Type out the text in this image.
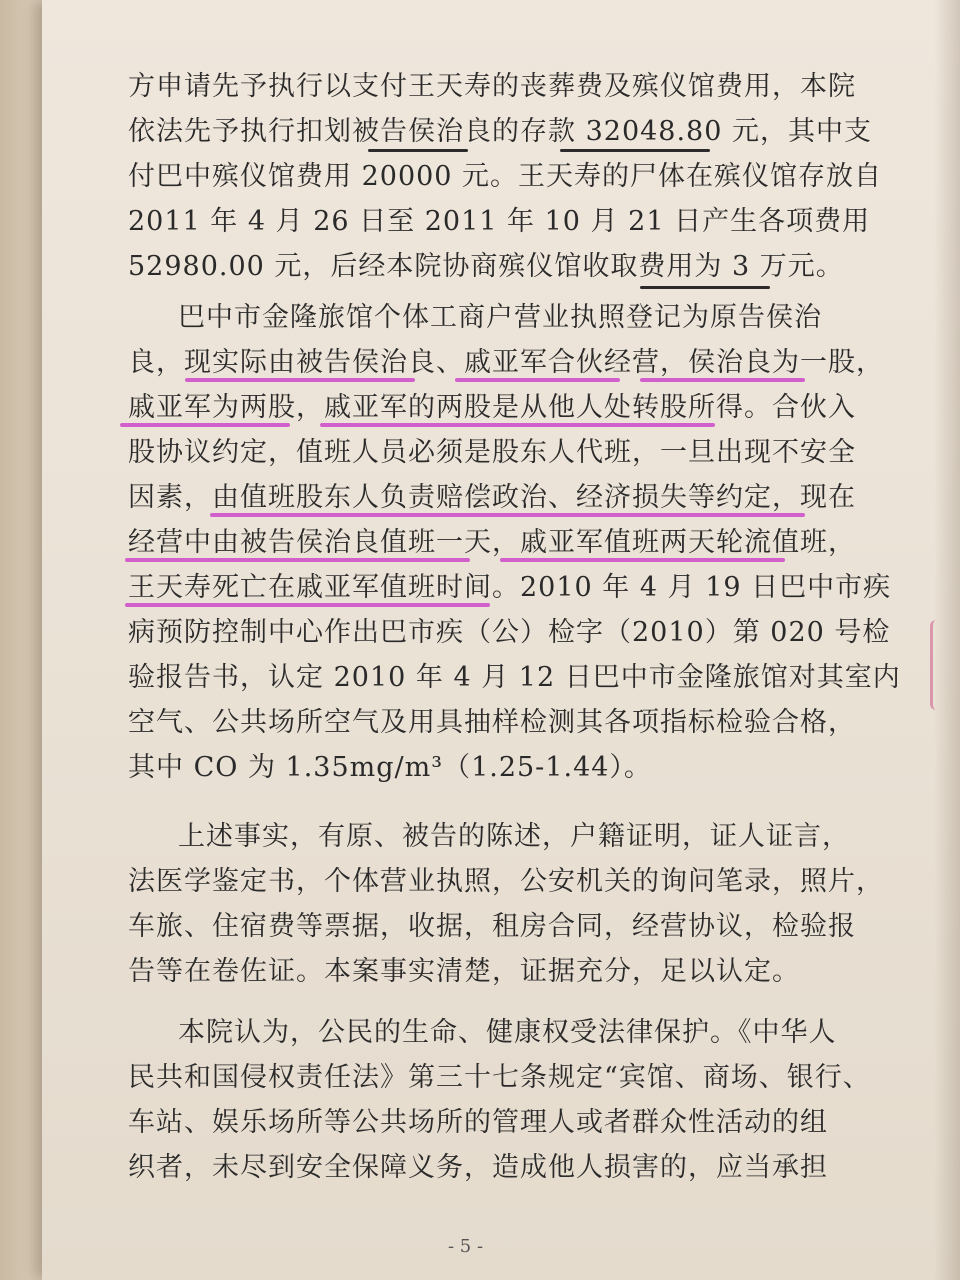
方申请先予执行以支付王天寿的丧葬费及殡仪馆费用，本院
依法先予执行扣划被告侯治良的存款 32048.80 元，其中支
付巴中殡仪馆费用 20000 元。王天寿的尸体在殡仪馆存放自
2011 年 4 月 26 日至 2011 年 10 月 21 日产生各项费用
52980.00 元，后经本院协商殡仪馆收取费用为 3 万元。
巴中市金隆旅馆个体工商户营业执照登记为原告侯治
良，现实际由被告侯治良、戚亚军合伙经营，侯治良为一股，
戚亚军为两股，戚亚军的两股是从他人处转股所得。合伙入
股协议约定，值班人员必须是股东人代班，一旦出现不安全
因素，由值班股东人负责赔偿政治、经济损失等约定，现在
经营中由被告侯治良值班一天，戚亚军值班两天轮流值班，
王天寿死亡在戚亚军值班时间。2010 年 4 月 19 日巴中市疾
病预防控制中心作出巴市疾（公）检字（2010）第 020 号检
验报告书，认定 2010 年 4 月 12 日巴中市金隆旅馆对其室内
空气、公共场所空气及用具抽样检测其各项指标检验合格，
其中 CO 为 1.35mg/m³（1.25-1.44）。
上述事实，有原、被告的陈述，户籍证明，证人证言，
法医学鉴定书，个体营业执照，公安机关的询问笔录，照片，
车旅、住宿费等票据，收据，租房合同，经营协议，检验报
告等在卷佐证。本案事实清楚，证据充分，足以认定。
本院认为，公民的生命、健康权受法律保护。《中华人
民共和国侵权责任法》第三十七条规定“宾馆、商场、银行、
车站、娱乐场所等公共场所的管理人或者群众性活动的组
织者，未尽到安全保障义务，造成他人损害的，应当承担
- 5 -
